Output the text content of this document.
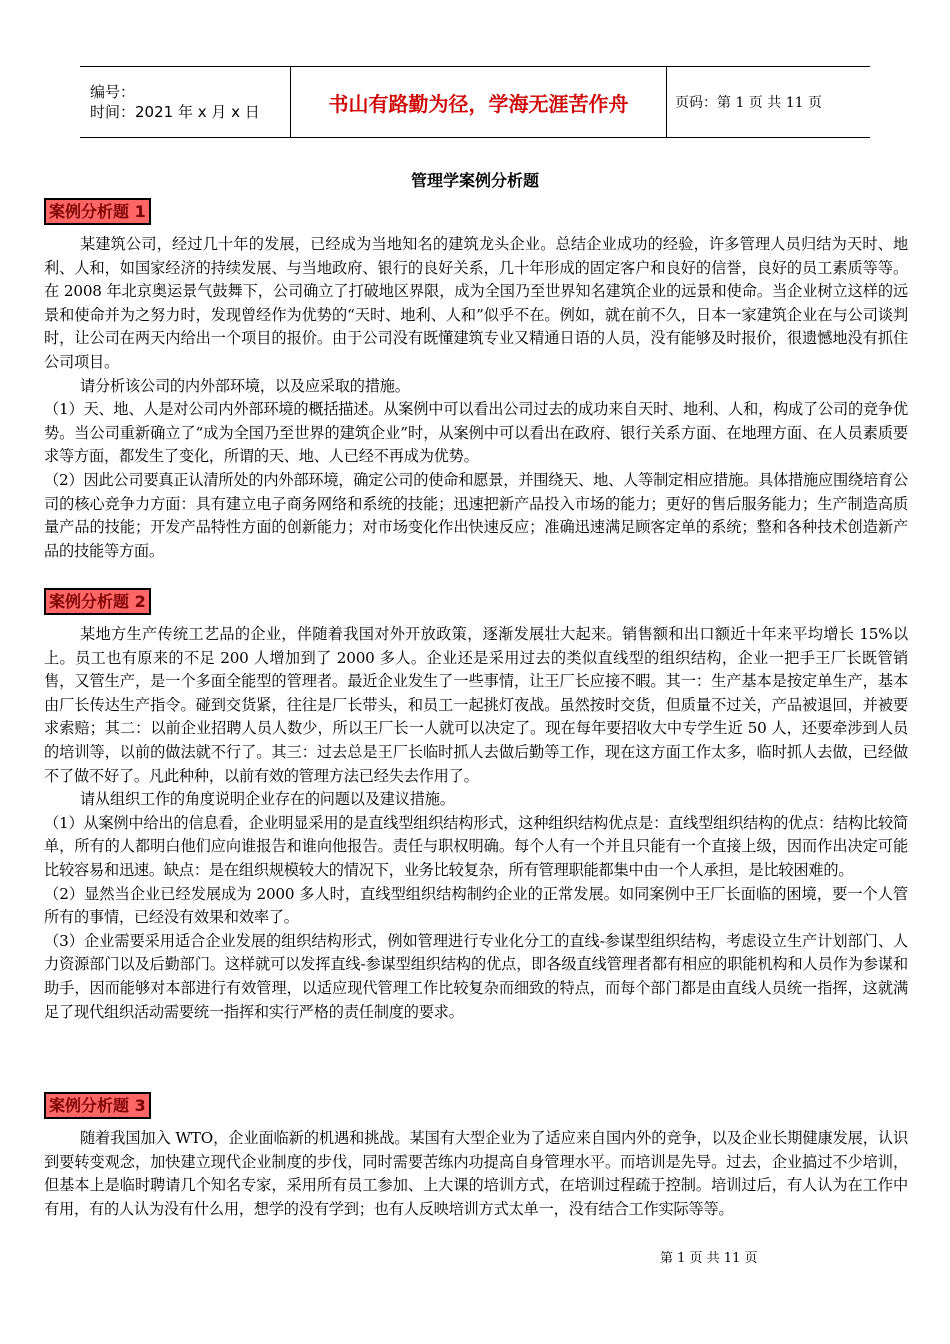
编号：
时间：2021 年 x 月 x 日	书山有路勤为径，学海无涯苦作舟	页码：第 1 页 共 11 页
管理学案例分析题
案例分析题 1

某建筑公司，经过几十年的发展，已经成为当地知名的建筑龙头企业。总结企业成功的经验，许多管理人员归结为天时、地利、人和，如国家经济的持续发展、与当地政府、银行的良好关系，几十年形成的固定客户和良好的信誉，良好的员工素质等等。在 2008 年北京奥运景气鼓舞下，公司确立了打破地区界限，成为全国乃至世界知名建筑企业的远景和使命。当企业树立这样的远景和使命并为之努力时，发现曾经作为优势的“天时、地利、人和”似乎不在。例如，就在前不久，日本一家建筑企业在与公司谈判时，让公司在两天内给出一个项目的报价。由于公司没有既懂建筑专业又精通日语的人员，没有能够及时报价，很遗憾地没有抓住公司项目。

请分析该公司的内外部环境，以及应采取的措施。

（1）天、地、人是对公司内外部环境的概括描述。从案例中可以看出公司过去的成功来自天时、地利、人和，构成了公司的竞争优势。当公司重新确立了“成为全国乃至世界的建筑企业”时，从案例中可以看出在政府、银行关系方面、在地理方面、在人员素质要求等方面，都发生了变化，所谓的天、地、人已经不再成为优势。

（2）因此公司要真正认清所处的内外部环境，确定公司的使命和愿景，并围绕天、地、人等制定相应措施。具体措施应围绕培育公司的核心竞争力方面：具有建立电子商务网络和系统的技能；迅速把新产品投入市场的能力；更好的售后服务能力；生产制造高质量产品的技能；开发产品特性方面的创新能力；对市场变化作出快速反应；准确迅速满足顾客定单的系统；整和各种技术创造新产品的技能等方面。

案例分析题 2

某地方生产传统工艺品的企业，伴随着我国对外开放政策，逐渐发展壮大起来。销售额和出口额近十年来平均增长 15%以上。员工也有原来的不足 200 人增加到了 2000 多人。企业还是采用过去的类似直线型的组织结构，企业一把手王厂长既管销售，又管生产，是一个多面全能型的管理者。最近企业发生了一些事情，让王厂长应接不暇。其一：生产基本是按定单生产，基本由厂长传达生产指令。碰到交货紧，往往是厂长带头，和员工一起挑灯夜战。虽然按时交货，但质量不过关，产品被退回，并被要求索赔；其二：以前企业招聘人员人数少，所以王厂长一人就可以决定了。现在每年要招收大中专学生近 50 人，还要牵涉到人员的培训等，以前的做法就不行了。其三：过去总是王厂长临时抓人去做后勤等工作，现在这方面工作太多，临时抓人去做，已经做不了做不好了。凡此种种，以前有效的管理方法已经失去作用了。

请从组织工作的角度说明企业存在的问题以及建议措施。

（1）从案例中给出的信息看，企业明显采用的是直线型组织结构形式，这种组织结构优点是：直线型组织结构的优点：结构比较简单，所有的人都明白他们应向谁报告和谁向他报告。责任与职权明确。每个人有一个并且只能有一个直接上级，因而作出决定可能比较容易和迅速。缺点：是在组织规模较大的情况下，业务比较复杂，所有管理职能都集中由一个人承担，是比较困难的。

（2）显然当企业已经发展成为 2000 多人时，直线型组织结构制约企业的正常发展。如同案例中王厂长面临的困境，要一个人管所有的事情，已经没有效果和效率了。

（3）企业需要采用适合企业发展的组织结构形式，例如管理进行专业化分工的直线-参谋型组织结构，考虑设立生产计划部门、人力资源部门以及后勤部门。这样就可以发挥直线-参谋型组织结构的优点，即各级直线管理者都有相应的职能机构和人员作为参谋和助手，因而能够对本部进行有效管理，以适应现代管理工作比较复杂而细致的特点，而每个部门都是由直线人员统一指挥，这就满足了现代组织活动需要统一指挥和实行严格的责任制度的要求。

案例分析题 3

随着我国加入 WTO，企业面临新的机遇和挑战。某国有大型企业为了适应来自国内外的竞争，以及企业长期健康发展，认识到要转变观念，加快建立现代企业制度的步伐，同时需要苦练内功提高自身管理水平。而培训是先导。过去，企业搞过不少培训，但基本上是临时聘请几个知名专家，采用所有员工参加、上大课的培训方式，在培训过程疏于控制。培训过后，有人认为在工作中有用，有的人认为没有什么用，想学的没有学到；也有人反映培训方式太单一，没有结合工作实际等等。

第 1 页 共 11 页
